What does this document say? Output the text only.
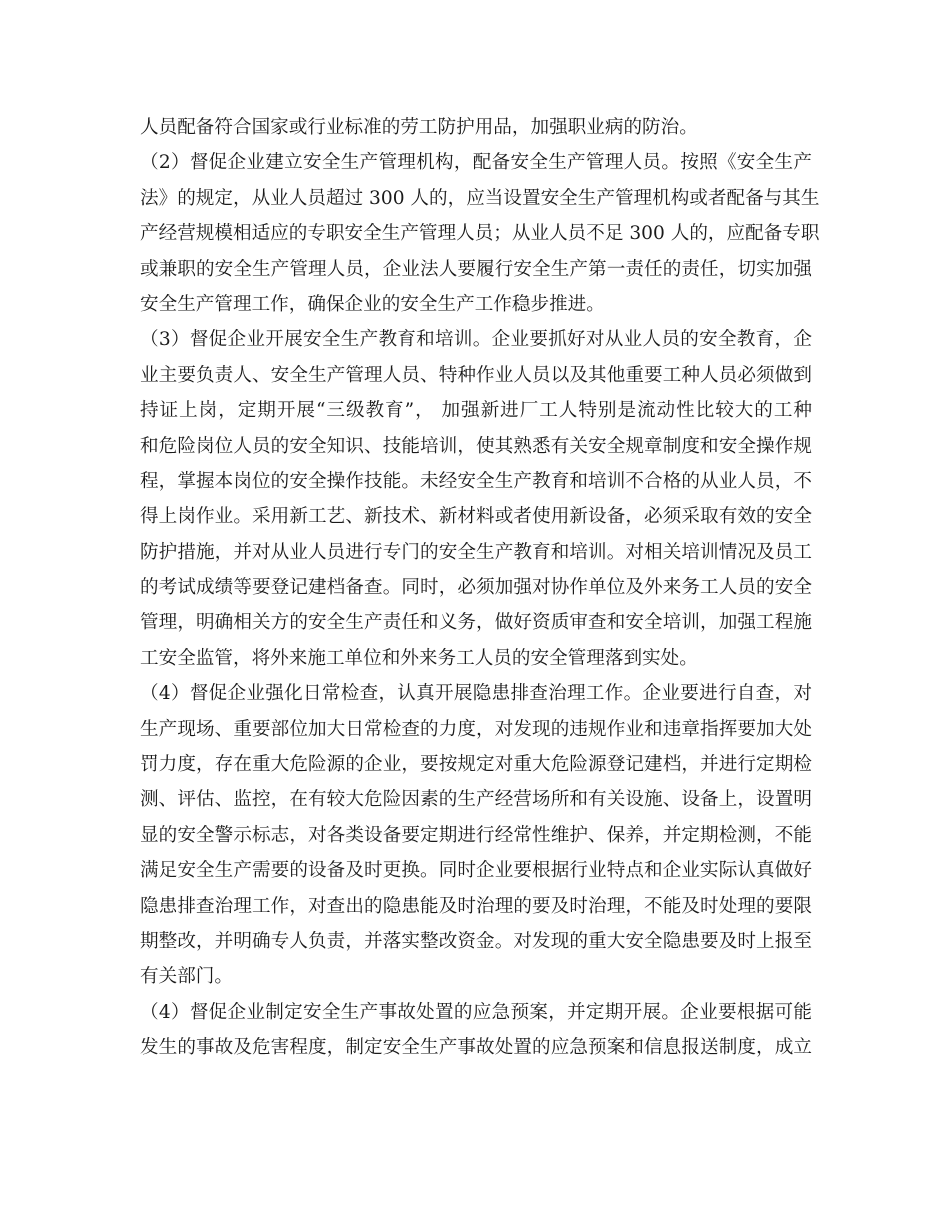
人员配备符合国家或行业标准的劳工防护用品，加强职业病的防治。
（2）督促企业建立安全生产管理机构，配备安全生产管理人员。按照《安全生产
法》的规定，从业人员超过 300 人的，应当设置安全生产管理机构或者配备与其生
产经营规模相适应的专职安全生产管理人员；从业人员不足 300 人的，应配备专职
或兼职的安全生产管理人员，企业法人要履行安全生产第一责任的责任，切实加强
安全生产管理工作，确保企业的安全生产工作稳步推进。
（3）督促企业开展安全生产教育和培训。企业要抓好对从业人员的安全教育，企
业主要负责人、安全生产管理人员、特种作业人员以及其他重要工种人员必须做到
持证上岗，定期开展“三级教育”， 加强新进厂工人特别是流动性比较大的工种
和危险岗位人员的安全知识、技能培训，使其熟悉有关安全规章制度和安全操作规
程，掌握本岗位的安全操作技能。未经安全生产教育和培训不合格的从业人员，不
得上岗作业。采用新工艺、新技术、新材料或者使用新设备，必须采取有效的安全
防护措施，并对从业人员进行专门的安全生产教育和培训。对相关培训情况及员工
的考试成绩等要登记建档备查。同时，必须加强对协作单位及外来务工人员的安全
管理，明确相关方的安全生产责任和义务，做好资质审查和安全培训，加强工程施
工安全监管，将外来施工单位和外来务工人员的安全管理落到实处。
（4）督促企业强化日常检查，认真开展隐患排查治理工作。企业要进行自查，对
生产现场、重要部位加大日常检查的力度，对发现的违规作业和违章指挥要加大处
罚力度，存在重大危险源的企业，要按规定对重大危险源登记建档，并进行定期检
测、评估、监控，在有较大危险因素的生产经营场所和有关设施、设备上，设置明
显的安全警示标志，对各类设备要定期进行经常性维护、保养，并定期检测，不能
满足安全生产需要的设备及时更换。同时企业要根据行业特点和企业实际认真做好
隐患排查治理工作，对查出的隐患能及时治理的要及时治理，不能及时处理的要限
期整改，并明确专人负责，并落实整改资金。对发现的重大安全隐患要及时上报至
有关部门。
（4）督促企业制定安全生产事故处置的应急预案，并定期开展。企业要根据可能
发生的事故及危害程度，制定安全生产事故处置的应急预案和信息报送制度，成立
